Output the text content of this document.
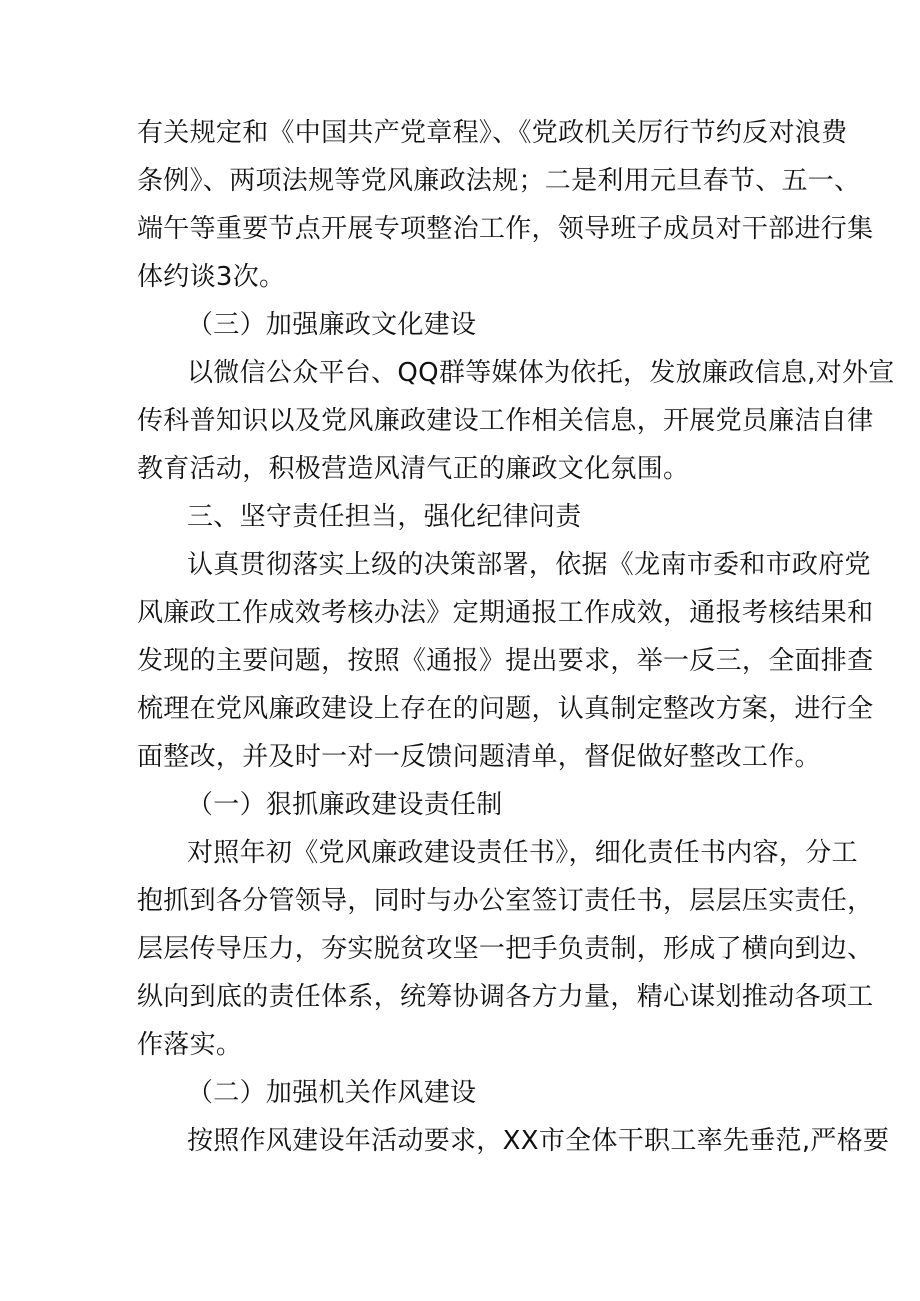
有关规定和《中国共产党章程》、《党政机关厉行节约反对浪费
条例》、两项法规等党风廉政法规；二是利用元旦春节、五一、
端午等重要节点开展专项整治工作，领导班子成员对干部进行集
体约谈3次。
（三）加强廉政文化建设
以微信公众平台、QQ群等媒体为依托，发放廉政信息,对外宣
传科普知识以及党风廉政建设工作相关信息，开展党员廉洁自律
教育活动，积极营造风清气正的廉政文化氛围。
三、坚守责任担当，强化纪律问责
认真贯彻落实上级的决策部署，依据《龙南市委和市政府党
风廉政工作成效考核办法》定期通报工作成效，通报考核结果和
发现的主要问题，按照《通报》提出要求，举一反三，全面排查
梳理在党风廉政建设上存在的问题，认真制定整改方案，进行全
面整改，并及时一对一反馈问题清单，督促做好整改工作。
（一）狠抓廉政建设责任制
对照年初《党风廉政建设责任书》，细化责任书内容，分工
抱抓到各分管领导，同时与办公室签订责任书，层层压实责任，
层层传导压力，夯实脱贫攻坚一把手负责制，形成了横向到边、
纵向到底的责任体系，统筹协调各方力量，精心谋划推动各项工
作落实。
（二）加强机关作风建设
按照作风建设年活动要求，XX市全体干职工率先垂范,严格要
